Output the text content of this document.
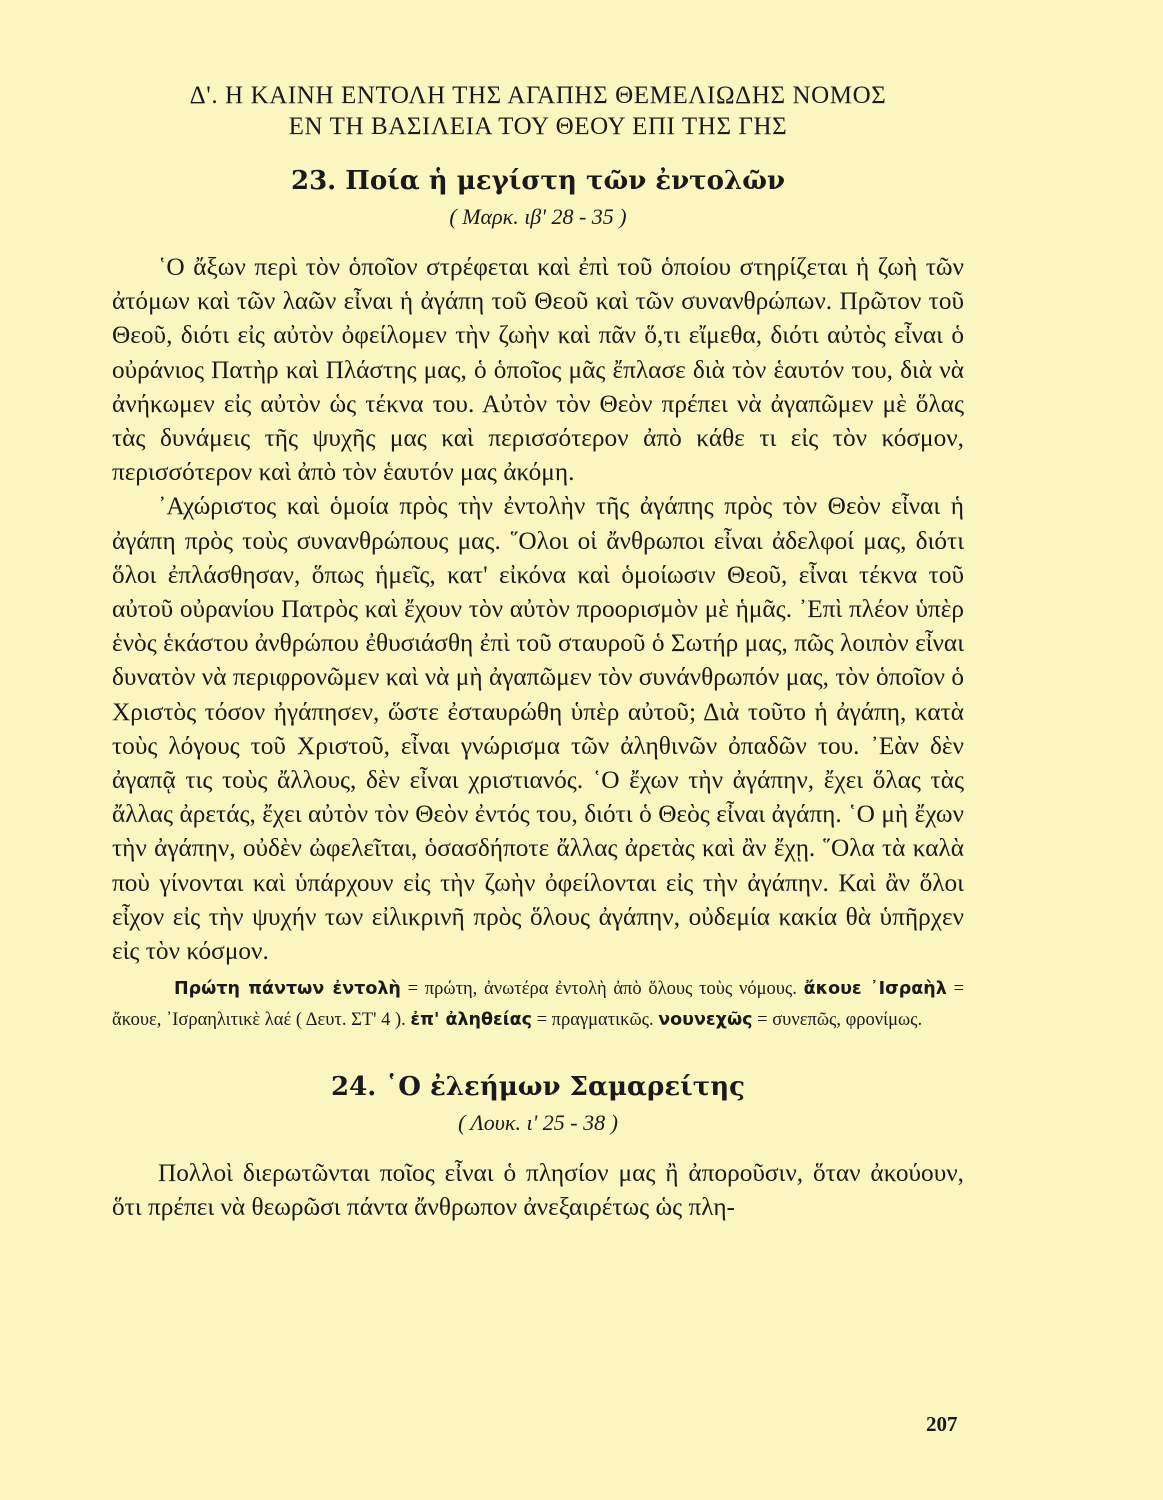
Δ'. Η ΚΑΙΝΗ ΕΝΤΟΛΗ ΤΗΣ ΑΓΑΠΗΣ ΘΕΜΕΛΙΩΔΗΣ ΝΟΜΟΣ
ΕΝ ΤΗ ΒΑΣΙΛΕΙΑ ΤΟΥ ΘΕΟΥ ΕΠΙ ΤΗΣ ΓΗΣ

23. Ποία ἡ μεγίστη τῶν ἐντολῶν

( Μαρκ. ιβ' 28 - 35 )

῾Ο ἄξων περὶ τὸν ὁποῖον στρέφεται καὶ ἐπὶ τοῦ ὁποίου στηρίζεται ἡ ζωὴ τῶν ἀτόμων καὶ τῶν λαῶν εἶναι ἡ ἀγάπη τοῦ Θεοῦ καὶ τῶν συνανθρώπων. Πρῶτον τοῦ Θεοῦ, διότι εἰς αὐτὸν ὀφείλομεν τὴν ζωὴν καὶ πᾶν ὅ,τι εἴμεθα, διότι αὐτὸς εἶναι ὁ οὐράνιος Πατὴρ καὶ Πλάστης μας, ὁ ὁποῖος μᾶς ἔπλασε διὰ τὸν ἑαυτόν του, διὰ νὰ ἀνήκωμεν εἰς αὐτὸν ὡς τέκνα του. Αὐτὸν τὸν Θεὸν πρέπει νὰ ἀγαπῶμεν μὲ ὅλας τὰς δυνάμεις τῆς ψυχῆς μας καὶ περισσότερον ἀπὸ κάθε τι εἰς τὸν κόσμον, περισσότερον καὶ ἀπὸ τὸν ἑαυτόν μας ἀκόμη.

᾿Αχώριστος καὶ ὁμοία πρὸς τὴν ἐντολὴν τῆς ἀγάπης πρὸς τὸν Θεὸν εἶναι ἡ ἀγάπη πρὸς τοὺς συνανθρώπους μας. ῞Ολοι οἱ ἄνθρωποι εἶναι ἀδελφοί μας, διότι ὅλοι ἐπλάσθησαν, ὅπως ἡμεῖς, κατ' εἰκόνα καὶ ὁμοίωσιν Θεοῦ, εἶναι τέκνα τοῦ αὐτοῦ οὐρανίου Πατρὸς καὶ ἔχουν τὸν αὐτὸν προορισμὸν μὲ ἡμᾶς. ᾿Επὶ πλέον ὑπὲρ ἑνὸς ἑκάστου ἀνθρώπου ἐθυσιάσθη ἐπὶ τοῦ σταυροῦ ὁ Σωτήρ μας, πῶς λοιπὸν εἶναι δυνατὸν νὰ περιφρονῶμεν καὶ νὰ μὴ ἀγαπῶμεν τὸν συνάνθρωπόν μας, τὸν ὁποῖον ὁ Χριστὸς τόσον ἠγάπησεν, ὥστε ἐσταυρώθη ὑπὲρ αὐτοῦ; Διὰ τοῦτο ἡ ἀγάπη, κατὰ τοὺς λόγους τοῦ Χριστοῦ, εἶναι γνώρισμα τῶν ἀληθινῶν ὀπαδῶν του. ᾿Εὰν δὲν ἀγαπᾷ τις τοὺς ἄλλους, δὲν εἶναι χριστιανός. ῾Ο ἔχων τὴν ἀγάπην, ἔχει ὅλας τὰς ἄλλας ἀρετάς, ἔχει αὐτὸν τὸν Θεὸν ἐντός του, διότι ὁ Θεὸς εἶναι ἀγάπη. ῾Ο μὴ ἔχων τὴν ἀγάπην, οὐδὲν ὠφελεῖται, ὁσασδήποτε ἄλλας ἀρετὰς καὶ ἂν ἔχῃ. ῞Ολα τὰ καλὰ ποὺ γίνονται καὶ ὑπάρχουν εἰς τὴν ζωὴν ὀφείλονται εἰς τὴν ἀγάπην. Καὶ ἂν ὅλοι εἶχον εἰς τὴν ψυχήν των εἰλικρινῆ πρὸς ὅλους ἀγάπην, οὐδεμία κακία θὰ ὑπῆρχεν εἰς τὸν κόσμον.

Πρώτη πάντων ἐντολὴ = πρώτη, ἀνωτέρα ἐντολὴ ἀπὸ ὅλους τοὺς νόμους. ἄκουε ᾿Ισραὴλ = ἄκουε, ᾿Ισραηλιτικὲ λαέ ( Δευτ. ΣΤ' 4 ). ἐπ' ἀληθείας = πραγματικῶς. νουνεχῶς = συνεπῶς, φρονίμως.

24. ῾Ο ἐλεήμων Σαμαρείτης

( Λουκ. ι' 25 - 38 )

Πολλοὶ διερωτῶνται ποῖος εἶναι ὁ πλησίον μας ἢ ἀποροῦσιν, ὅταν ἀκούουν, ὅτι πρέπει νὰ θεωρῶσι πάντα ἄνθρωπον ἀνεξαιρέτως ὡς πλη-

207
